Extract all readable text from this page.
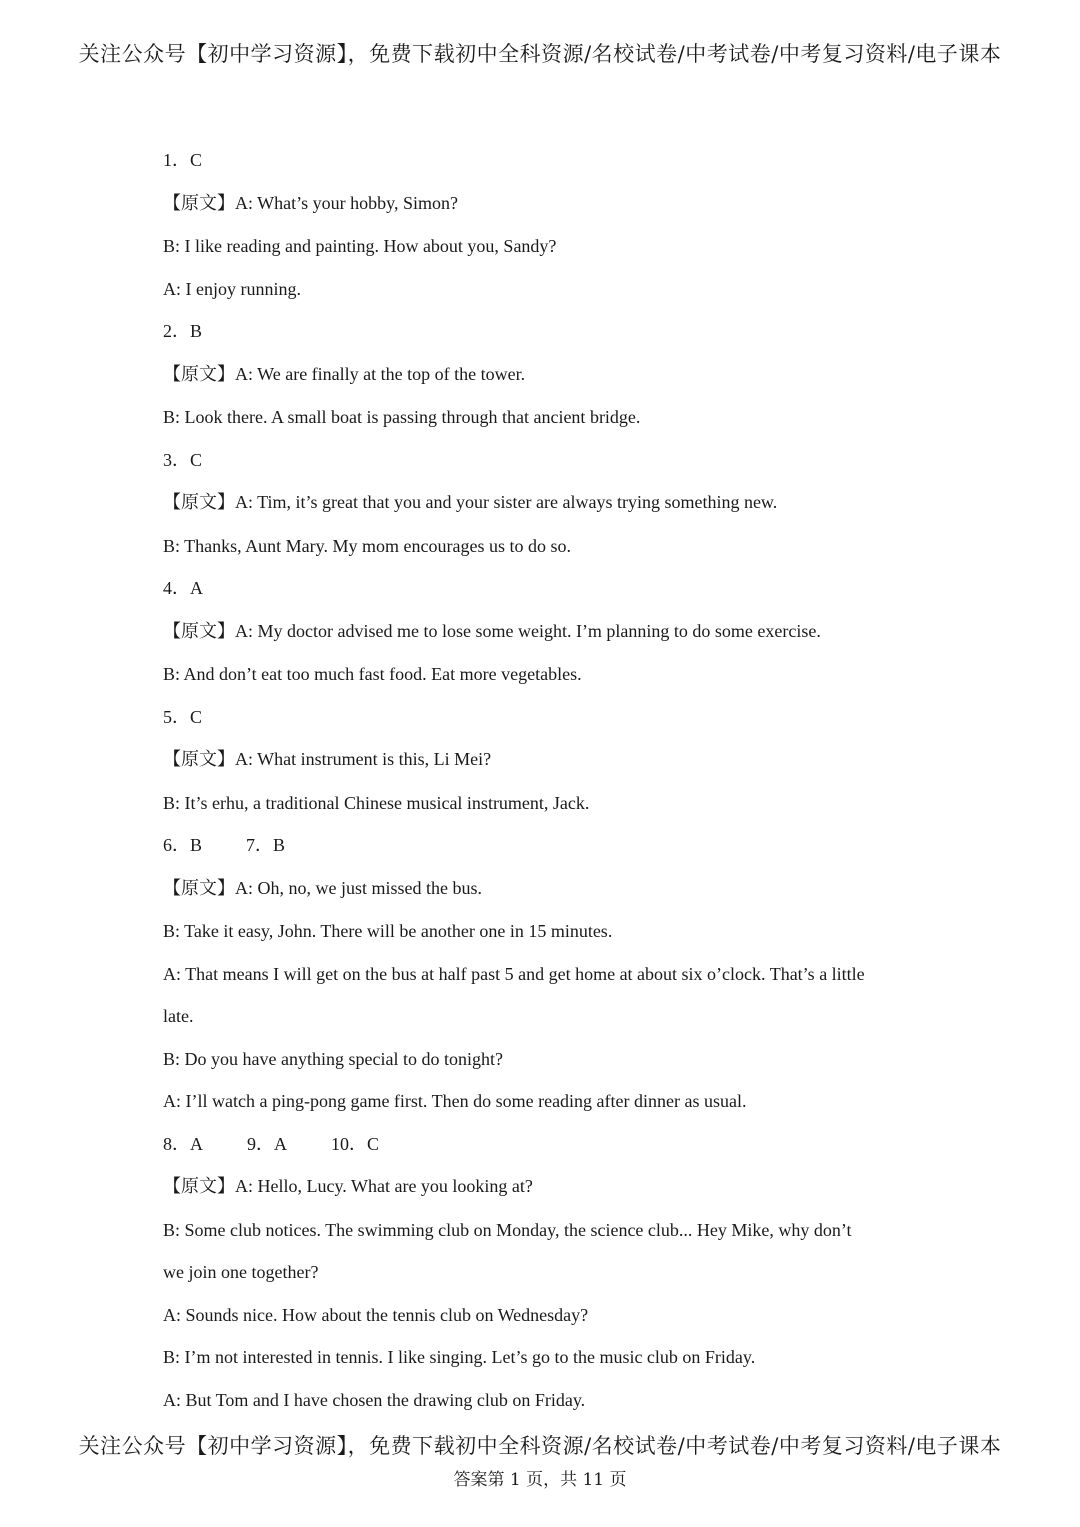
关注公众号【初中学习资源】，免费下载初中全科资源/名校试卷/中考试卷/中考复习资料/电子课本
1．C
【原文】A: What’s your hobby, Simon?
B: I like reading and painting. How about you, Sandy?
A: I enjoy running.
2．B
【原文】A: We are finally at the top of the tower.
B: Look there. A small boat is passing through that ancient bridge.
3．C
【原文】A: Tim, it’s great that you and your sister are always trying something new.
B: Thanks, Aunt Mary. My mom encourages us to do so.
4．A
【原文】A: My doctor advised me to lose some weight. I’m planning to do some exercise.
B: And don’t eat too much fast food. Eat more vegetables.
5．C
【原文】A: What instrument is this, Li Mei?
B: It’s erhu, a traditional Chinese musical instrument, Jack.
6．B 7．B
【原文】A: Oh, no, we just missed the bus.
B: Take it easy, John. There will be another one in 15 minutes.
A: That means I will get on the bus at half past 5 and get home at about six o’clock. That’s a little
late.
B: Do you have anything special to do tonight?
A: I’ll watch a ping-pong game first. Then do some reading after dinner as usual.
8．A 9．A 10．C
【原文】A: Hello, Lucy. What are you looking at?
B: Some club notices. The swimming club on Monday, the science club... Hey Mike, why don’t
we join one together?
A: Sounds nice. How about the tennis club on Wednesday?
B: I’m not interested in tennis. I like singing. Let’s go to the music club on Friday.
A: But Tom and I have chosen the drawing club on Friday.
关注公众号【初中学习资源】，免费下载初中全科资源/名校试卷/中考试卷/中考复习资料/电子课本
答案第 1 页，共 11 页
